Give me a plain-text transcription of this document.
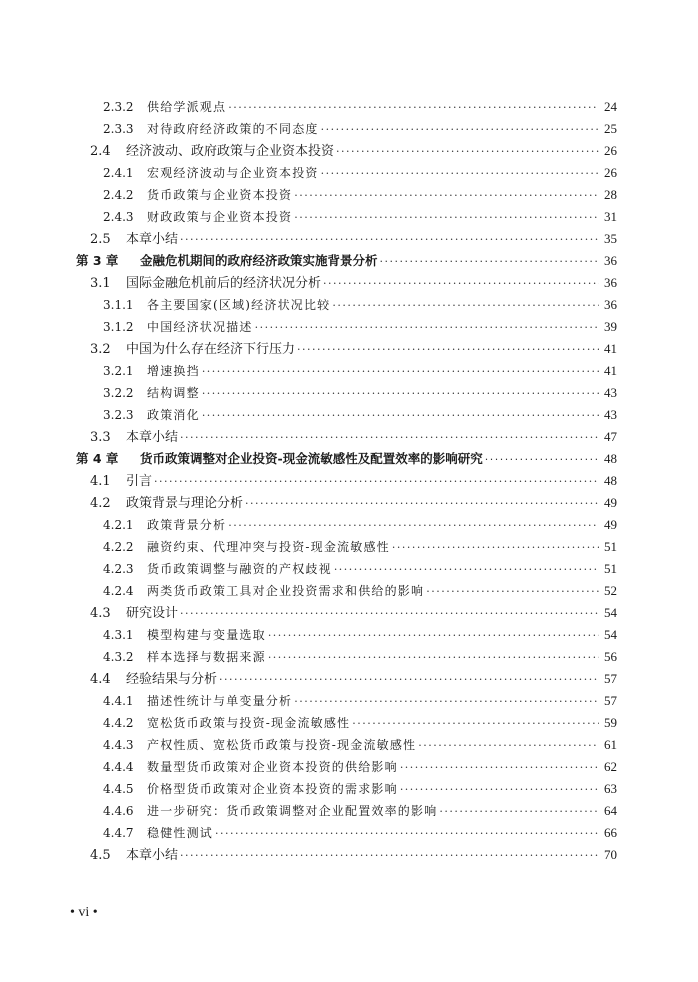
2.3.2	供给学派观点 ·····	24
2.3.3	对待政府经济政策的不同态度 ·····	25
2.4	经济波动、政府政策与企业资本投资 ·····	26
2.4.1	宏观经济波动与企业资本投资 ·····	26
2.4.2	货币政策与企业资本投资 ·····	28
2.4.3	财政政策与企业资本投资 ·····	31
2.5	本章小结 ·····	35
第 3 章	金融危机期间的政府经济政策实施背景分析 ·····	36
3.1	国际金融危机前后的经济状况分析 ·····	36
3.1.1	各主要国家(区域)经济状况比较 ·····	36
3.1.2	中国经济状况描述 ·····	39
3.2	中国为什么存在经济下行压力 ·····	41
3.2.1	增速换挡 ·····	41
3.2.2	结构调整 ·····	43
3.2.3	政策消化 ·····	43
3.3	本章小结 ·····	47
第 4 章	货币政策调整对企业投资-现金流敏感性及配置效率的影响研究 ·····	48
4.1	引言 ·····	48
4.2	政策背景与理论分析 ·····	49
4.2.1	政策背景分析 ·····	49
4.2.2	融资约束、代理冲突与投资-现金流敏感性 ·····	51
4.2.3	货币政策调整与融资的产权歧视 ·····	51
4.2.4	两类货币政策工具对企业投资需求和供给的影响 ·····	52
4.3	研究设计 ·····	54
4.3.1	模型构建与变量选取 ·····	54
4.3.2	样本选择与数据来源 ·····	56
4.4	经验结果与分析 ·····	57
4.4.1	描述性统计与单变量分析 ·····	57
4.4.2	宽松货币政策与投资-现金流敏感性 ·····	59
4.4.3	产权性质、宽松货币政策与投资-现金流敏感性 ·····	61
4.4.4	数量型货币政策对企业资本投资的供给影响 ·····	62
4.4.5	价格型货币政策对企业资本投资的需求影响 ·····	63
4.4.6	进一步研究：货币政策调整对企业配置效率的影响 ·····	64
4.4.7	稳健性测试 ·····	66
4.5	本章小结 ·····	70
• vi •
